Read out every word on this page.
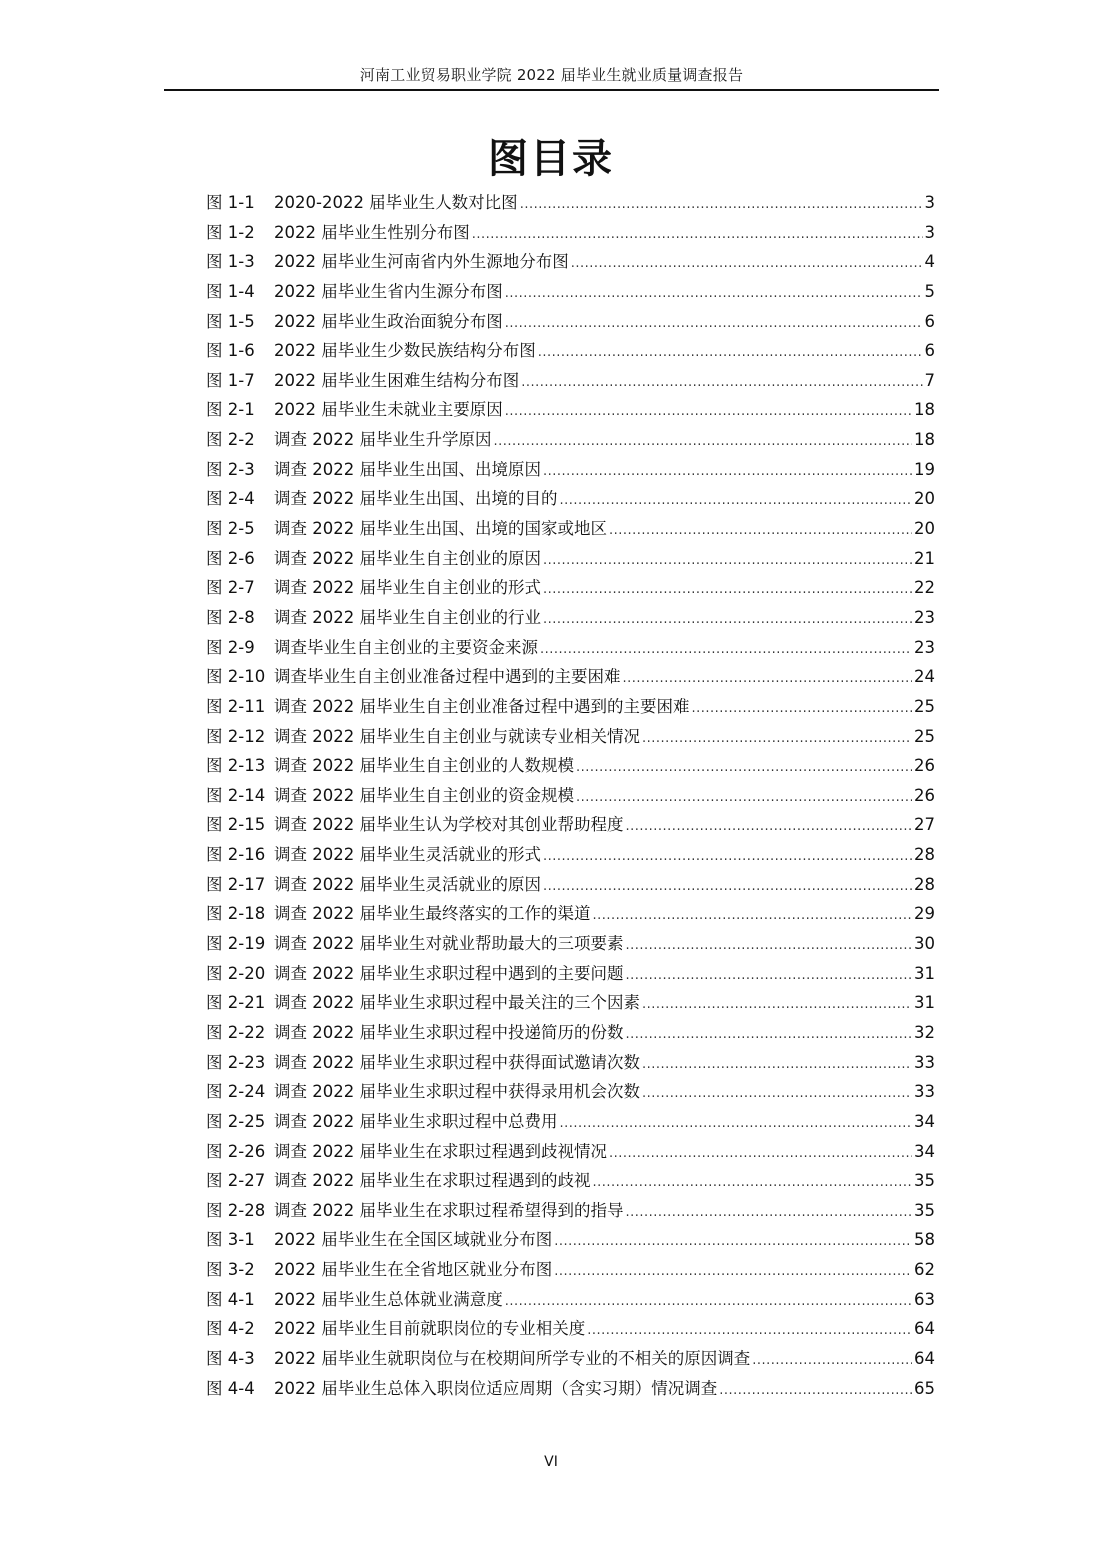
河南工业贸易职业学院 2022 届毕业生就业质量调查报告
图目录
图 1-1	2020-2022 届毕业生人数对比图 .....	3
图 1-2	2022 届毕业生性别分布图 .....	3
图 1-3	2022 届毕业生河南省内外生源地分布图 .....	4
图 1-4	2022 届毕业生省内生源分布图 .....	5
图 1-5	2022 届毕业生政治面貌分布图 .....	6
图 1-6	2022 届毕业生少数民族结构分布图 .....	6
图 1-7	2022 届毕业生困难生结构分布图 .....	7
图 2-1	2022 届毕业生未就业主要原因 .....	18
图 2-2	调查 2022 届毕业生升学原因 .....	18
图 2-3	调查 2022 届毕业生出国、出境原因 .....	19
图 2-4	调查 2022 届毕业生出国、出境的目的 .....	20
图 2-5	调查 2022 届毕业生出国、出境的国家或地区 .....	20
图 2-6	调查 2022 届毕业生自主创业的原因 .....	21
图 2-7	调查 2022 届毕业生自主创业的形式 .....	22
图 2-8	调查 2022 届毕业生自主创业的行业 .....	23
图 2-9	调查毕业生自主创业的主要资金来源 .....	23
图 2-10 调查毕业生自主创业准备过程中遇到的主要困难 .....	24
图 2-11 调查 2022 届毕业生自主创业准备过程中遇到的主要困难 .....	25
图 2-12 调查 2022 届毕业生自主创业与就读专业相关情况 .....	25
图 2-13 调查 2022 届毕业生自主创业的人数规模 .....	26
图 2-14 调查 2022 届毕业生自主创业的资金规模 .....	26
图 2-15 调查 2022 届毕业生认为学校对其创业帮助程度 .....	27
图 2-16 调查 2022 届毕业生灵活就业的形式 .....	28
图 2-17 调查 2022 届毕业生灵活就业的原因 .....	28
图 2-18 调查 2022 届毕业生最终落实的工作的渠道 .....	29
图 2-19 调查 2022 届毕业生对就业帮助最大的三项要素 .....	30
图 2-20 调查 2022 届毕业生求职过程中遇到的主要问题 .....	31
图 2-21 调查 2022 届毕业生求职过程中最关注的三个因素 .....	31
图 2-22 调查 2022 届毕业生求职过程中投递简历的份数 .....	32
图 2-23 调查 2022 届毕业生求职过程中获得面试邀请次数 .....	33
图 2-24 调查 2022 届毕业生求职过程中获得录用机会次数 .....	33
图 2-25 调查 2022 届毕业生求职过程中总费用 .....	34
图 2-26 调查 2022 届毕业生在求职过程遇到歧视情况 .....	34
图 2-27 调查 2022 届毕业生在求职过程遇到的歧视 .....	35
图 2-28 调查 2022 届毕业生在求职过程希望得到的指导 .....	35
图 3-1	2022 届毕业生在全国区域就业分布图 .....	58
图 3-2	2022 届毕业生在全省地区就业分布图 .....	62
图 4-1	2022 届毕业生总体就业满意度 .....	63
图 4-2	2022 届毕业生目前就职岗位的专业相关度 .....	64
图 4-3	2022 届毕业生就职岗位与在校期间所学专业的不相关的原因调查 .....	64
图 4-4	2022 届毕业生总体入职岗位适应周期（含实习期）情况调查 .....	65
VI
